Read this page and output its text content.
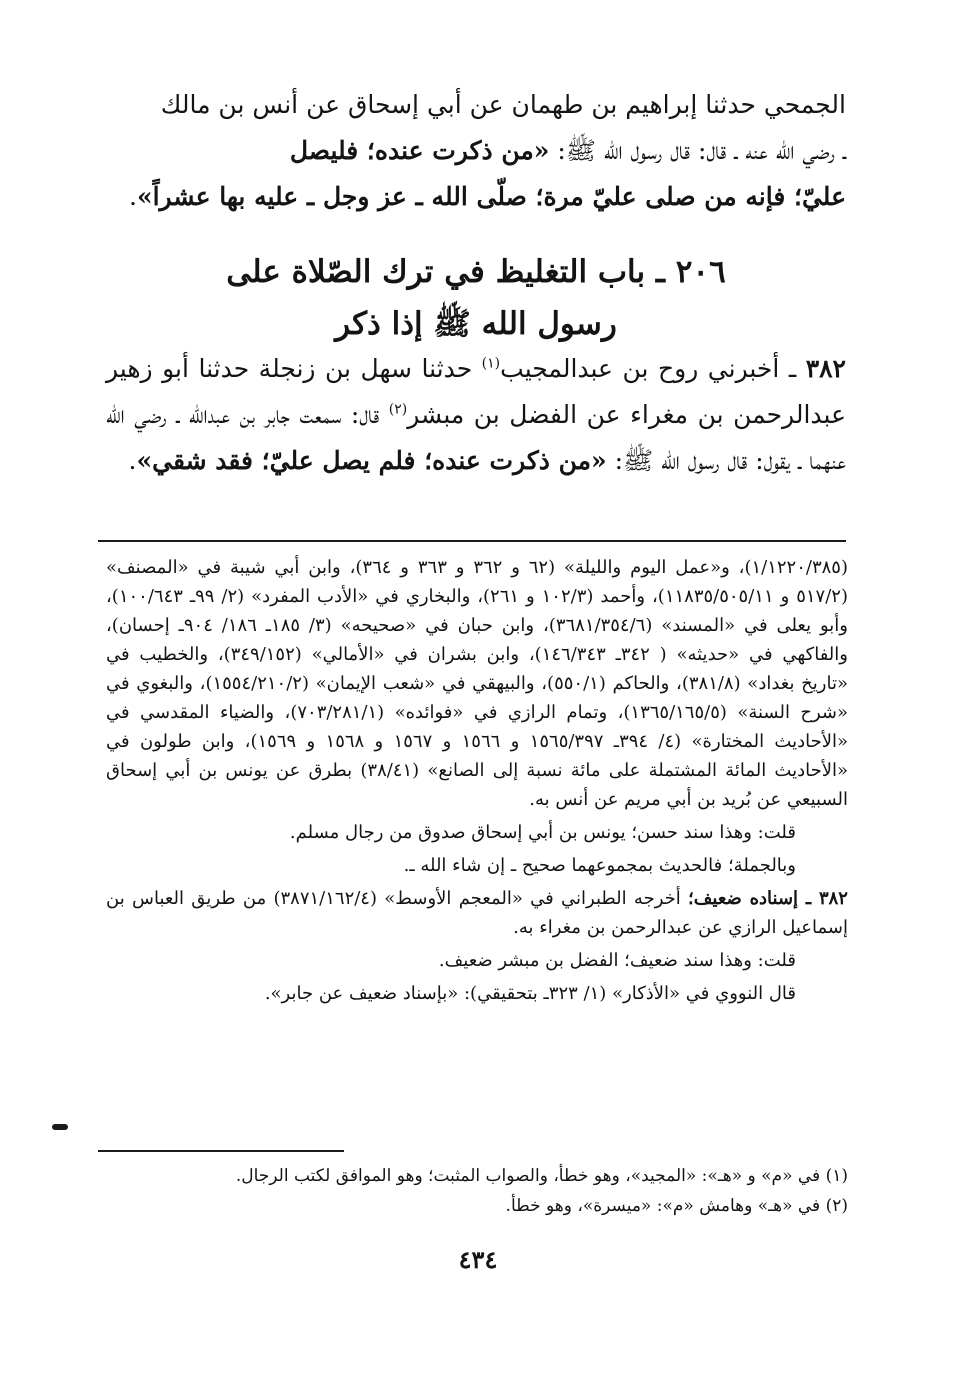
الجمحي حدثنا إبراهيم بن طهمان عن أبي إسحاق عن أنس بن مالك

ـ رضي الله عنه ـ قال: قال رسول الله ﷺ: «من ذكرت عنده؛ فليصل

عليّ؛ فإنه من صلى عليّ مرة؛ صلّى الله ـ عز وجل ـ عليه بها عشراً».

٢٠٦ ـ باب التغليظ في ترك الصّلاة على
رسول الله ﷺ إذا ذكر

٣٨٢ ـ أخبرني روح بن عبدالمجيب$^{(١)}$ حدثنا سهل بن زنجلة حدثنا أبو زهير عبدالرحمن بن مغراء عن الفضل بن مبشر$^{(٢)}$ قال: سمعت جابر بن عبدالله ـ رضي الله عنهما ـ يقول: قال رسول الله ﷺ: «من ذكرت عنده؛ فلم يصل عليّ؛ فقد شقي».

(١/١٢٢٠/٣٨٥)، و«عمل اليوم والليلة» (٦٢ و ٣٦٢ و ٣٦٣ و ٣٦٤)، وابن أبي شيبة في «المصنف» (٥١٧/٢ و ١١٨٣٥/٥٠٥/١١)، وأحمد (١٠٢/٣ و ٢٦١)، والبخاري في «الأدب المفرد» (٢/ ٩٩ـ ١٠٠/٦٤٣)، وأبو يعلى في «المسند» (٣٦٨١/٣٥٤/٦)، وابن حبان في «صحيحه» (٣/ ١٨٥ـ ١٨٦/ ٩٠٤ـ إحسان)، والفاكهي في «حديثه» ( ٣٤٢ـ ١٤٦/٣٤٣)، وابن بشران في «الأمالي» (٣٤٩/١٥٢)، والخطيب في «تاريخ بغداد» (٣٨١/٨)، والحاكم (٥٥٠/١)، والبيهقي في «شعب الإيمان» (١٥٥٤/٢١٠/٢)، والبغوي في «شرح السنة» (١٣٦٥/١٦٥/٥)، وتمام الرازي في «فوائده» (٧٠٣/٢٨١/١)، والضياء المقدسي في «الأحاديث المختارة» (٤/ ٣٩٤ـ ١٥٦٥/٣٩٧ و ١٥٦٦ و ١٥٦٧ و ١٥٦٨ و ١٥٦٩)، وابن طولون في «الأحاديث المائة المشتملة على مائة نسبة إلى الصانع» (٣٨/٤١) بطرق عن يونس بن أبي إسحاق السبيعي عن بُريد بن أبي مريم عن أنس به.

قلت: وهذا سند حسن؛ يونس بن أبي إسحاق صدوق من رجال مسلم.

وبالجملة؛ فالحديث بمجموعهما صحيح ـ إن شاء الله ـ.

٣٨٢ ـ إسناده ضعيف؛ أخرجه الطبراني في «المعجم الأوسط» (٣٨٧١/١٦٢/٤) من طريق العباس بن إسماعيل الرازي عن عبدالرحمن بن مغراء به.

قلت: وهذا سند ضعيف؛ الفضل بن مبشر ضعيف.

قال النووي في «الأذكار» (١/ ٣٢٣ـ بتحقيقي): «بإسناد ضعيف عن جابر».

(١) في «م» و «هـ»: «المجيد»، وهو خطأ، والصواب المثبت؛ وهو الموافق لكتب الرجال.

(٢) في «هـ» وهامش «م»: «ميسرة»، وهو خطأ.

٤٣٤
